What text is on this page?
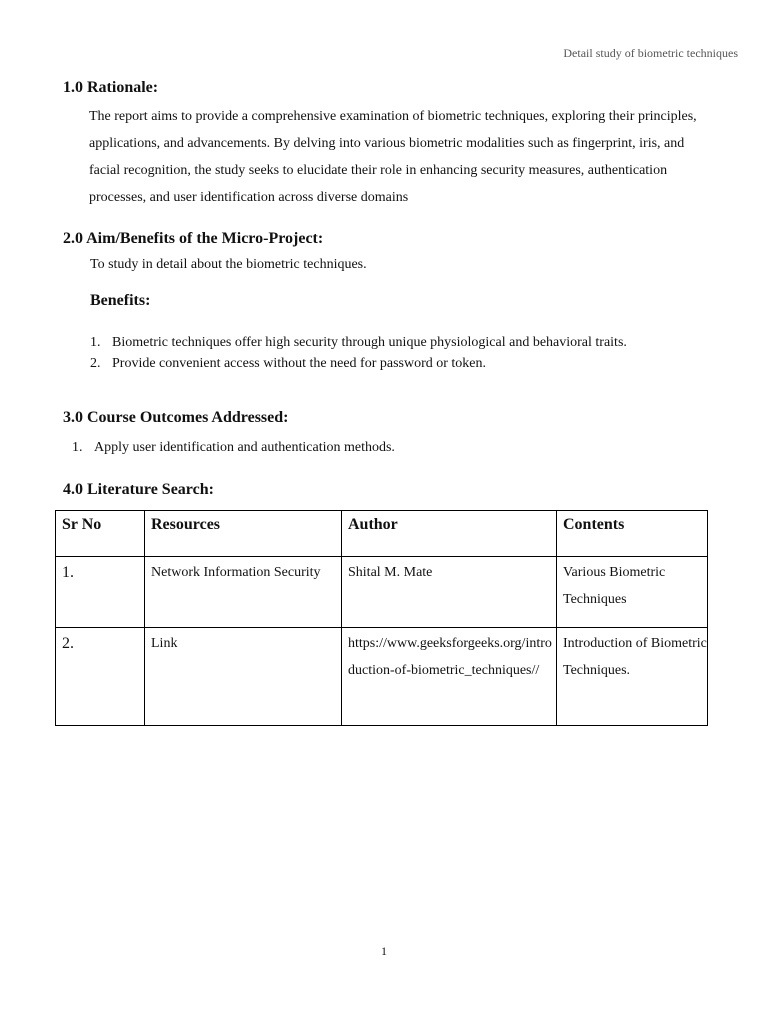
Detail study of biometric techniques
1.0 Rationale:
The report aims to provide a comprehensive examination of biometric techniques, exploring their principles, applications, and advancements. By delving into various biometric modalities such as fingerprint, iris, and facial recognition, the study seeks to elucidate their role in enhancing security measures, authentication processes, and user identification across diverse domains
2.0 Aim/Benefits of the Micro-Project:
To study in detail about the biometric techniques.
Benefits:
1. Biometric techniques offer high security through unique physiological and behavioral traits.
2. Provide convenient access without the need for password or token.
3.0 Course Outcomes Addressed:
1. Apply user identification and authentication methods.
4.0 Literature Search:
Sr No	Resources	Author	Contents
1.	Network Information Security	Shital M. Mate	Various Biometric Techniques
2.	Link	https://www.geeksforgeeks.org/introduction-of-biometric_techniques//	Introduction of Biometric Techniques.
1
